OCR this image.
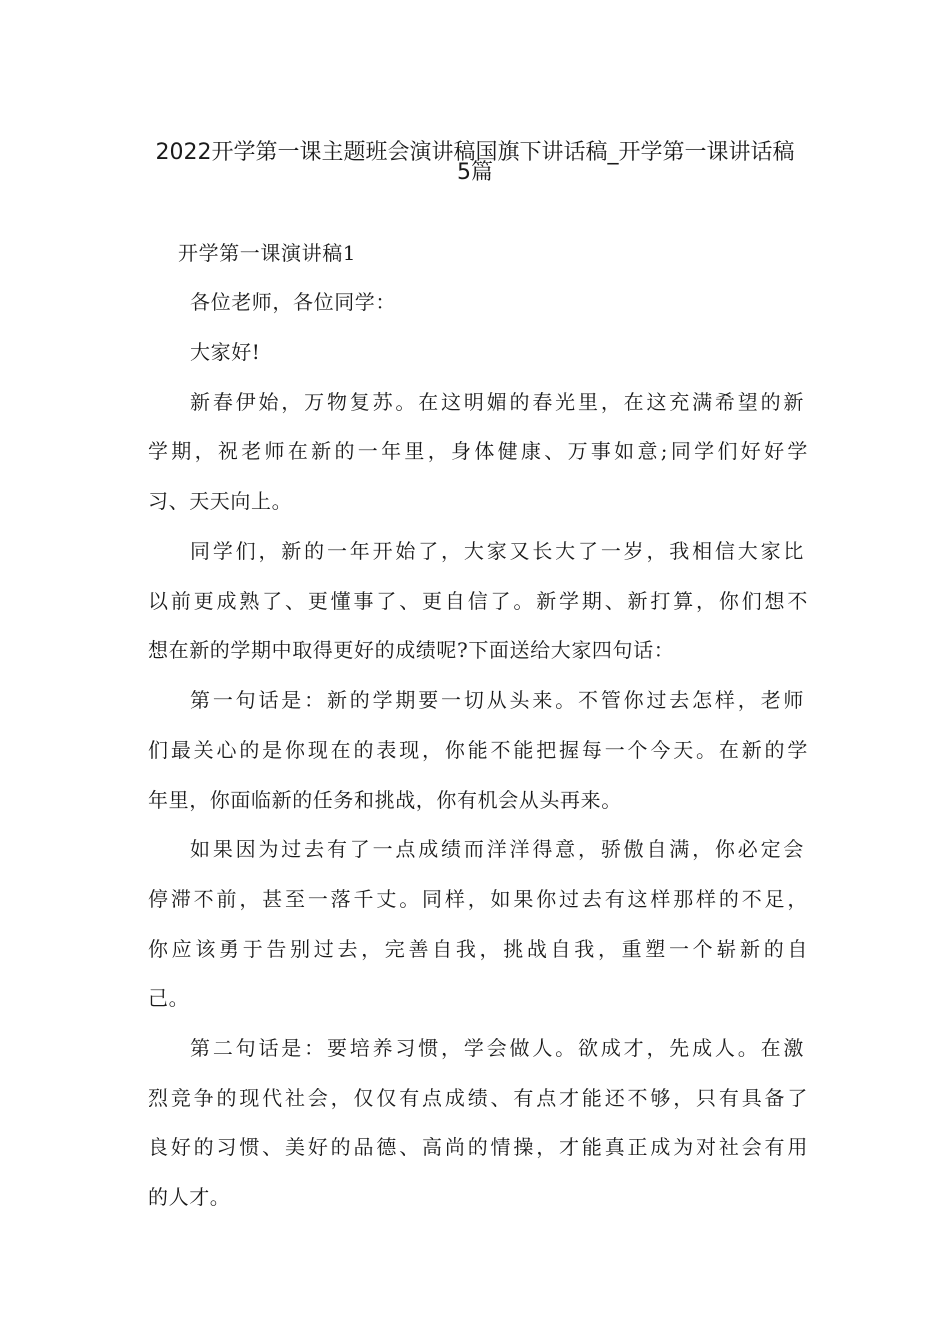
2022开学第一课主题班会演讲稿国旗下讲话稿_开学第一课讲话稿
5篇
开学第一课演讲稿1
各位老师，各位同学：
大家好!
新春伊始，万物复苏。在这明媚的春光里，在这充满希望的新
学期，祝老师在新的一年里，身体健康、万事如意;同学们好好学
习、天天向上。
同学们，新的一年开始了，大家又长大了一岁，我相信大家比
以前更成熟了、更懂事了、更自信了。新学期、新打算，你们想不
想在新的学期中取得更好的成绩呢?下面送给大家四句话：
第一句话是：新的学期要一切从头来。不管你过去怎样，老师
们最关心的是你现在的表现，你能不能把握每一个今天。在新的学
年里，你面临新的任务和挑战，你有机会从头再来。
如果因为过去有了一点成绩而洋洋得意，骄傲自满，你必定会
停滞不前，甚至一落千丈。同样，如果你过去有这样那样的不足，
你应该勇于告别过去，完善自我，挑战自我，重塑一个崭新的自
己。
第二句话是：要培养习惯，学会做人。欲成才，先成人。在激
烈竞争的现代社会，仅仅有点成绩、有点才能还不够，只有具备了
良好的习惯、美好的品德、高尚的情操，才能真正成为对社会有用
的人才。
